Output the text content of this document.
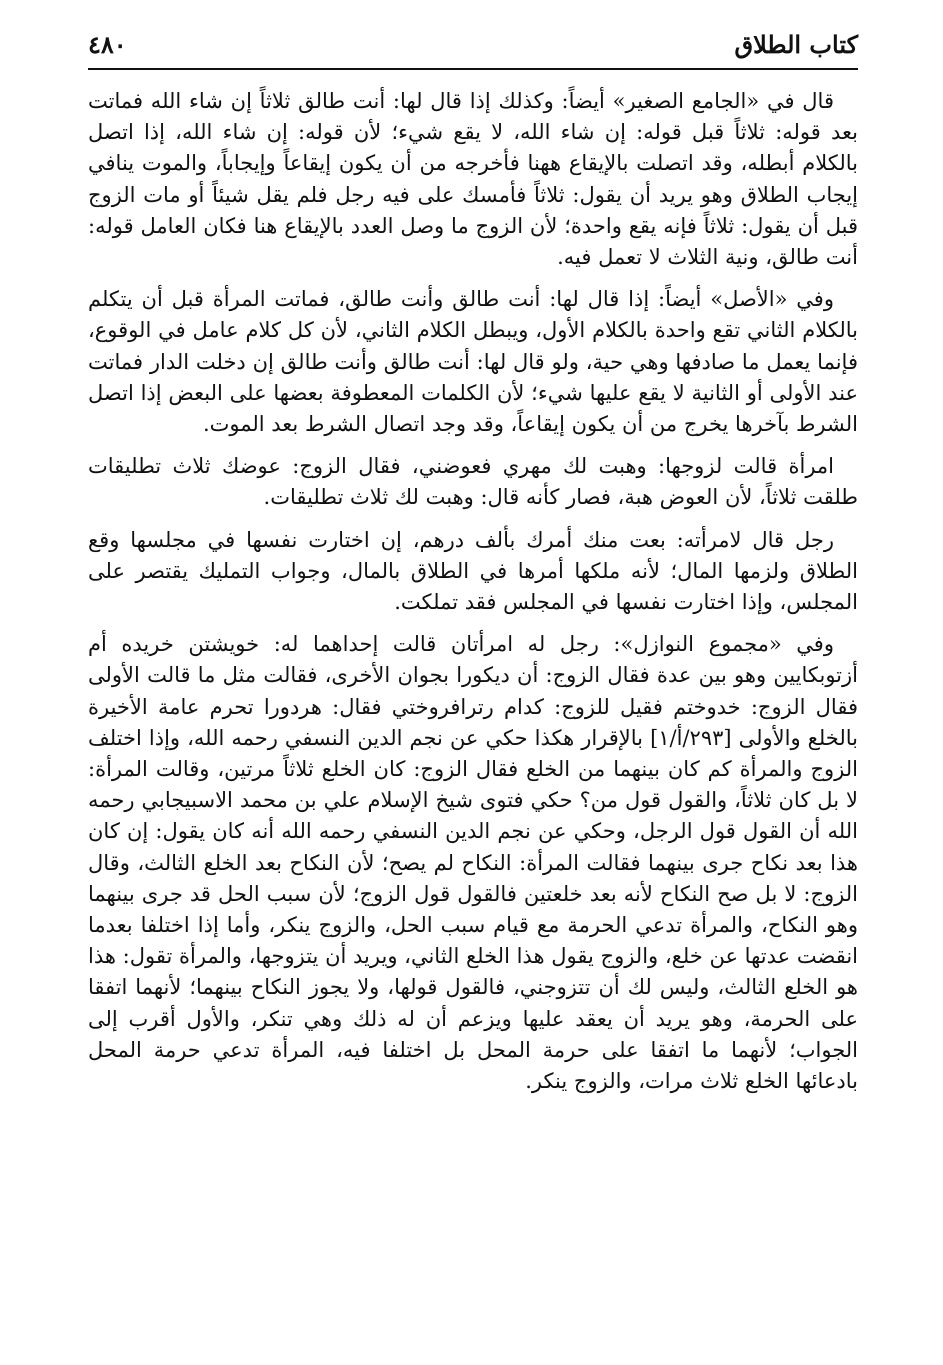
كتاب الطلاق
٤٨٠

قال في «الجامع الصغير» أيضاً: وكذلك إذا قال لها: أنت طالق ثلاثاً إن شاء الله فماتت بعد قوله: ثلاثاً قبل قوله: إن شاء الله، لا يقع شيء؛ لأن قوله: إن شاء الله، إذا اتصل بالكلام أبطله، وقد اتصلت بالإيقاع ههنا فأخرجه من أن يكون إيقاعاً وإيجاباً، والموت ينافي إيجاب الطلاق وهو يريد أن يقول: ثلاثاً فأمسك على فيه رجل فلم يقل شيئاً أو مات الزوج قبل أن يقول: ثلاثاً فإنه يقع واحدة؛ لأن الزوج ما وصل العدد بالإيقاع هنا فكان العامل قوله: أنت طالق، ونية الثلاث لا تعمل فيه.

وفي «الأصل» أيضاً: إذا قال لها: أنت طالق وأنت طالق، فماتت المرأة قبل أن يتكلم بالكلام الثاني تقع واحدة بالكلام الأول، ويبطل الكلام الثاني، لأن كل كلام عامل في الوقوع، فإنما يعمل ما صادفها وهي حية، ولو قال لها: أنت طالق وأنت طالق إن دخلت الدار فماتت عند الأولى أو الثانية لا يقع عليها شيء؛ لأن الكلمات المعطوفة بعضها على البعض إذا اتصل الشرط بآخرها يخرج من أن يكون إيقاعاً، وقد وجد اتصال الشرط بعد الموت.

امرأة قالت لزوجها: وهبت لك مهري فعوضني، فقال الزوج: عوضك ثلاث تطليقات طلقت ثلاثاً، لأن العوض هبة، فصار كأنه قال: وهبت لك ثلاث تطليقات.

رجل قال لامرأته: بعت منك أمرك بألف درهم، إن اختارت نفسها في مجلسها وقع الطلاق ولزمها المال؛ لأنه ملكها أمرها في الطلاق بالمال، وجواب التمليك يقتصر على المجلس، وإذا اختارت نفسها في المجلس فقد تملكت.

وفي «مجموع النوازل»: رجل له امرأتان قالت إحداهما له: خويشتن خريده أم أزتوبكايين وهو بين عدة فقال الزوج: أن ديكورا بجوان الأخرى، فقالت مثل ما قالت الأولى فقال الزوج: خدوختم فقيل للزوج: كدام رترافروختي فقال: هردورا تحرم عامة الأخيرة بالخلع والأولى [٢٩٣/أ/١] بالإقرار هكذا حكي عن نجم الدين النسفي رحمه الله، وإذا اختلف الزوج والمرأة كم كان بينهما من الخلع فقال الزوج: كان الخلع ثلاثاً مرتين، وقالت المرأة: لا بل كان ثلاثاً، والقول قول من؟ حكي فتوى شيخ الإسلام علي بن محمد الاسبيجابي رحمه الله أن القول قول الرجل، وحكي عن نجم الدين النسفي رحمه الله أنه كان يقول: إن كان هذا بعد نكاح جرى بينهما فقالت المرأة: النكاح لم يصح؛ لأن النكاح بعد الخلع الثالث، وقال الزوج: لا بل صح النكاح لأنه بعد خلعتين فالقول قول الزوج؛ لأن سبب الحل قد جرى بينهما وهو النكاح، والمرأة تدعي الحرمة مع قيام سبب الحل، والزوج ينكر، وأما إذا اختلفا بعدما انقضت عدتها عن خلع، والزوج يقول هذا الخلع الثاني، ويريد أن يتزوجها، والمرأة تقول: هذا هو الخلع الثالث، وليس لك أن تتزوجني، فالقول قولها، ولا يجوز النكاح بينهما؛ لأنهما اتفقا على الحرمة، وهو يريد أن يعقد عليها ويزعم أن له ذلك وهي تنكر، والأول أقرب إلى الجواب؛ لأنهما ما اتفقا على حرمة المحل بل اختلفا فيه، المرأة تدعي حرمة المحل بادعائها الخلع ثلاث مرات، والزوج ينكر.
